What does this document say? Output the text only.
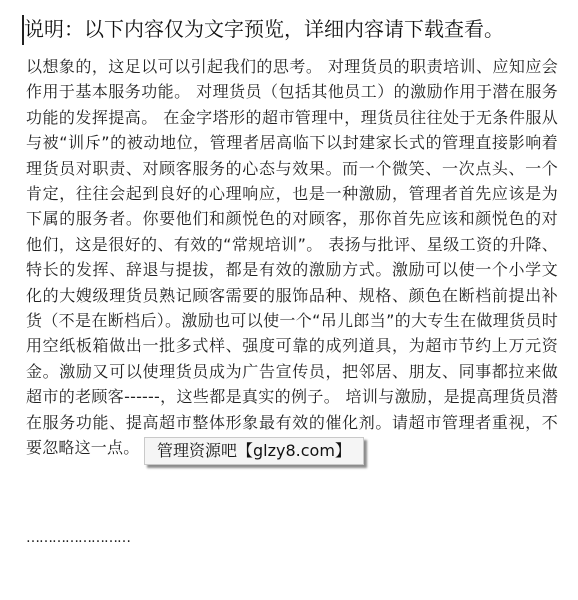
说明：以下内容仅为文字预览，详细内容请下载查看。

以想象的，这足以可以引起我们的思考。 对理货员的职责培训、应知应会作用于基本服务功能。 对理货员（包括其他员工）的激励作用于潜在服务功能的发挥提高。 在金字塔形的超市管理中，理货员往往处于无条件服从与被“训斥”的被动地位，管理者居高临下以封建家长式的管理直接影响着理货员对职责、对顾客服务的心态与效果。而一个微笑、一次点头、一个肯定，往往会起到良好的心理响应，也是一种激励，管理者首先应该是为下属的服务者。你要他们和颜悦色的对顾客，那你首先应该和颜悦色的对他们，这是很好的、有效的“常规培训”。 表扬与批评、星级工资的升降、特长的发挥、辞退与提拔，都是有效的激励方式。激励可以使一个小学文化的大嫂级理货员熟记顾客需要的服饰品种、规格、颜色在断档前提出补货（不是在断档后）。激励也可以使一个“吊儿郎当”的大专生在做理货员时用空纸板箱做出一批多式样、强度可靠的成列道具，为超市节约上万元资金。激励又可以使理货员成为广告宣传员，把邻居、朋友、同事都拉来做超市的老顾客------，这些都是真实的例子。 培训与激励，是提高理货员潜在服务功能、提高超市整体形象最有效的催化剂。请超市管理者重视，不要忽略这一点。	管理资源吧【glzy8.com】
……………………
